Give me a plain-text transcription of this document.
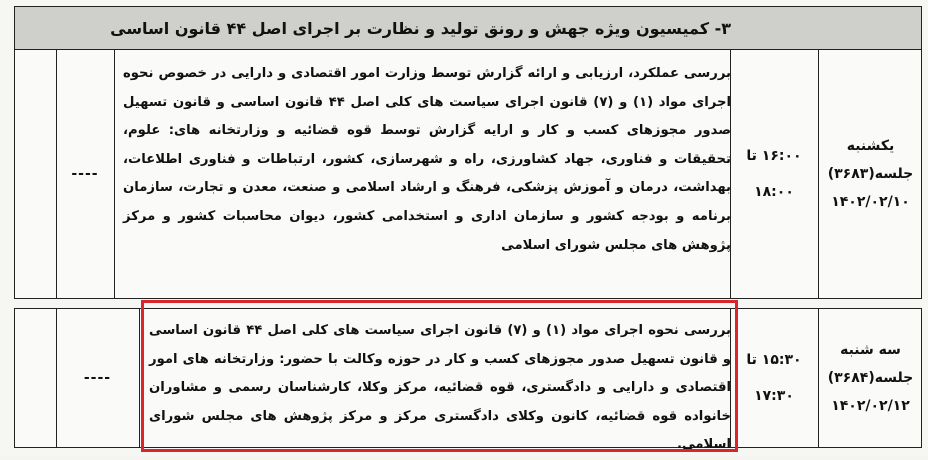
۳- کمیسیون ویژه جهش و رونق تولید و نظارت بر اجرای اصل ۴۴ قانون اساسی
----
بررسی عملکرد، ارزیابی و ارائه گزارش توسط وزارت امور اقتصادی و دارایی در خصوص نحوه اجرای مواد (۱) و (۷) قانون اجرای سیاست های کلی اصل ۴۴ قانون اساسی و قانون تسهیل صدور مجوزهای کسب و کار و ارایه گزارش توسط قوه قضائیه و وزارتخانه های: علوم، تحقیقات و فناوری، جهاد کشاورزی، راه و شهرسازی، کشور، ارتباطات و فناوری اطلاعات، بهداشت، درمان و آموزش پزشکی، فرهنگ و ارشاد اسلامی و صنعت، معدن و تجارت، سازمان برنامه و بودجه کشور و سازمان اداری و استخدامی کشور، دیوان محاسبات کشور و مرکز پژوهش های مجلس شورای اسلامی
۱۶:۰۰ تا
۱۸:۰۰
یکشنبه
جلسه(۳۶۸۳)
۱۴۰۲/۰۲/۱۰
----
بررسی نحوه اجرای مواد (۱) و (۷) قانون اجرای سیاست های کلی اصل ۴۴ قانون اساسی و قانون تسهیل صدور مجوزهای کسب و کار در حوزه وکالت با حضور: وزارتخانه های امور اقتصادی و دارایی و دادگستری، قوه قضائیه، مرکز وکلا، کارشناسان رسمی و مشاوران خانواده قوه قضائیه، کانون وکلای دادگستری مرکز و مرکز پژوهش های مجلس شورای اسلامی.
۱۵:۳۰ تا
۱۷:۳۰
سه شنبه
جلسه(۳۶۸۴)
۱۴۰۲/۰۲/۱۲
